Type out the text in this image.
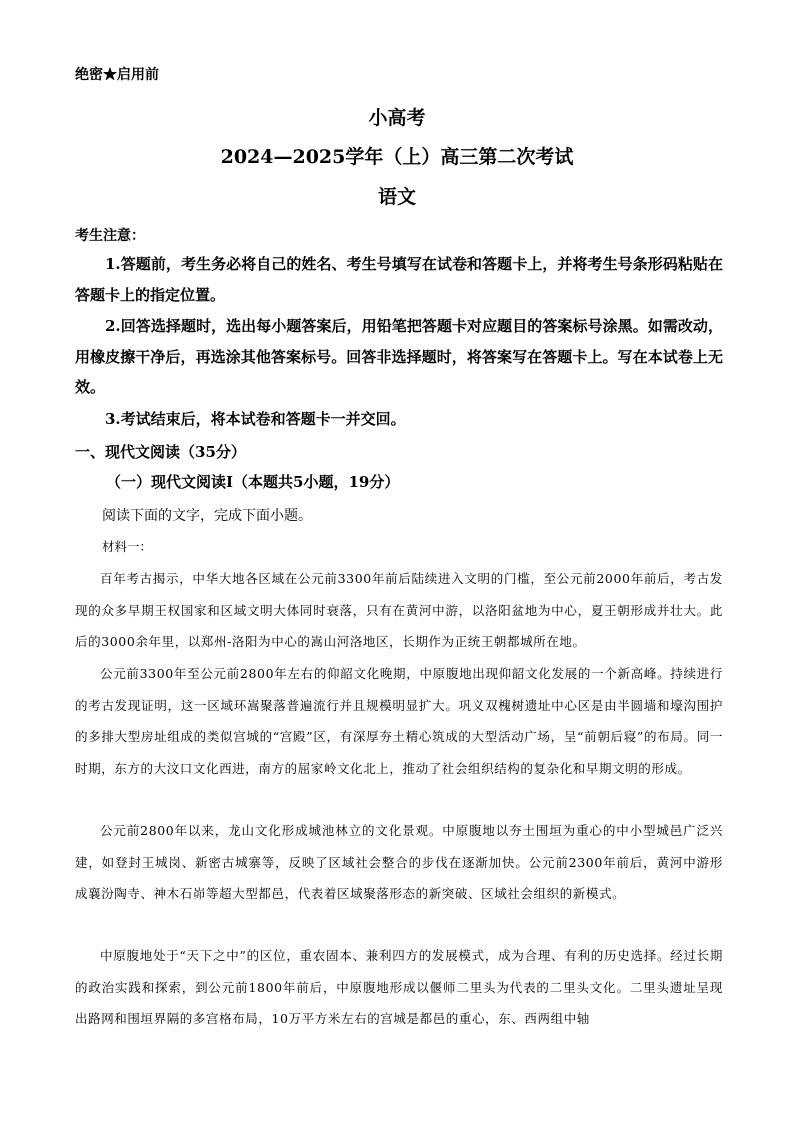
绝密★启用前
小高考
2024—2025学年（上）高三第二次考试
语文
考生注意：
1.答题前，考生务必将自己的姓名、考生号填写在试卷和答题卡上，并将考生号条形码粘贴在答题卡上的指定位置。
2.回答选择题时，选出每小题答案后，用铅笔把答题卡对应题目的答案标号涂黑。如需改动，用橡皮擦干净后，再选涂其他答案标号。回答非选择题时，将答案写在答题卡上。写在本试卷上无效。
3.考试结束后，将本试卷和答题卡一并交回。
一、现代文阅读（35分）
（一）现代文阅读Ⅰ（本题共5小题，19分）
阅读下面的文字，完成下面小题。
材料一：
百年考古揭示，中华大地各区域在公元前3300年前后陆续进入文明的门槛，至公元前2000年前后，考古发现的众多早期王权国家和区域文明大体同时衰落，只有在黄河中游，以洛阳盆地为中心，夏王朝形成并壮大。此后的3000余年里，以郑州-洛阳为中心的嵩山河洛地区，长期作为正统王朝都城所在地。
公元前3300年至公元前2800年左右的仰韶文化晚期，中原腹地出现仰韶文化发展的一个新高峰。持续进行的考古发现证明，这一区域环嵩聚落普遍流行并且规模明显扩大。巩义双槐树遗址中心区是由半圆墙和壕沟围护的多排大型房址组成的类似宫城的“宫殿”区，有深厚夯土精心筑成的大型活动广场，呈“前朝后寝”的布局。同一时期，东方的大汶口文化西进，南方的屈家岭文化北上，推动了社会组织结构的复杂化和早期文明的形成。
公元前2800年以来，龙山文化形成城池林立的文化景观。中原腹地以夯土围垣为重心的中小型城邑广泛兴建，如登封王城岗、新密古城寨等，反映了区域社会整合的步伐在逐渐加快。公元前2300年前后，黄河中游形成襄汾陶寺、神木石峁等超大型都邑，代表着区域聚落形态的新突破、区域社会组织的新模式。
中原腹地处于“天下之中”的区位，重农固本、兼利四方的发展模式，成为合理、有利的历史选择。经过长期的政治实践和探索，到公元前1800年前后，中原腹地形成以偃师二里头为代表的二里头文化。二里头遗址呈现出路网和围垣界隔的多宫格布局，10万平方米左右的宫城是都邑的重心，东、西两组中轴
